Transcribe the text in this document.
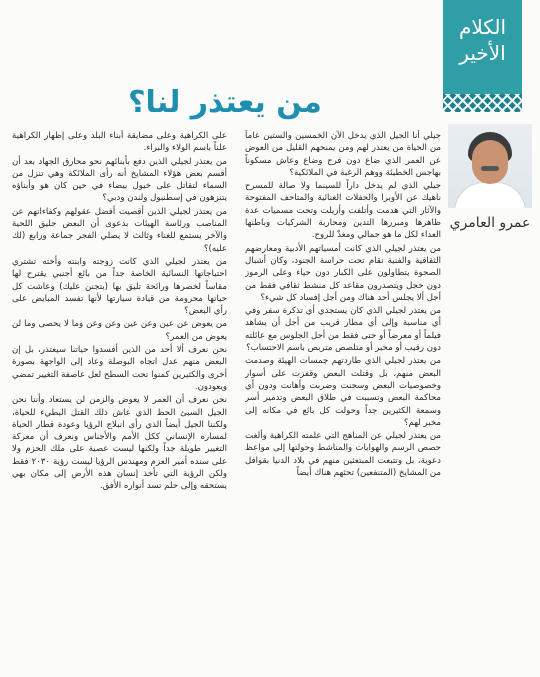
الكلام
الأخير
من يعتذر لنا؟
عمرو العامري

جيلي أنا الجيل الذي يدخل الآن الخمسين والستين عاماً من الحياة من يعتذر لهم ومن يمنحهم القليل من العوض عن العمر الذي ضاع دون فرح وضاع وعاش مسكوناً بهاجس الخطيئة ووهم الرغبة في الملائكية؟

جيلي الذي لم يدخل داراً للسينما ولا صالة للمسرح ناهيك عن الأوبرا والحفلات الغنائية والمتاحف المفتوحة والآثار التي هدمت وأتلفت وأزيلت وتحت مسميات عدة ظاهرها ومبررها التدين ومحاربة الشركيات وباطنها العداء لكل ما هو جمالي ومغذّ للروح.

من يعتذر لجيلي الذي كانت أمسياتهم الأدبية ومعارضهم الثقافية والفنية تقام تحت حراسة الجنود، وكان أشبال الصحوة يتطاولون على الكبار دون حياء وعلى الرموز دون خجل ويتصدرون مقاعد كل منشط ثقافي فقط من أجل ألا يجلس أحد هناك ومن أجل إفساد كل شيء؟

من يعتذر لجيلي الذي كان يستجدي أي تذكرة سفر وفي أي مناسبة وإلى أي مطار قريب من أجل أن يشاهد فيلماً أو معرضاً أو حتى فقط من أجل الجلوس مع عائلته دون رقيب أو مخبر أو متلصص متربص باسم الاحتساب؟

من يعتذر لجيلي الذي طاردتهم جمسات الهيئة وصدمت البعض منهم، بل وقتلت البعض وقفزت على أسوار وخصوصيات البعض وسجنت وضربت وأهانت ودون أي محاكمة البعض وتسببت في طلاق البعض وتدمير أسر وسمعة الكثيرين جداً وحولت كل بائع في مكانه إلى مخبر لهم؟

من يعتذر لجيلي عن المناهج التي علمته الكراهية وألغت حصص الرسم والهوايات والمناشط وحولتها إلى مواعظ دعوية، بل وتتبعت المبتعثين منهم في بلاد الدنيا بقوافل من المشايخ (المتنفعين) تحثهم هناك أيضاً

على الكراهية وعلى مضايقة أبناء البلد وعلى إظهار الكراهية علناً باسم الولاء والبراء.

من يعتذر لجيلي الذين دفع بأبنائهم نحو محارق الجهاد بعد أن أقسم بعض هؤلاء المشايخ أنه رأى الملائكة وهي تنزل من السماء لتقاتل على خيول بيضاء في حين كان هو وأبناؤه يتنزهون في إسطنبول ولندن ودبي؟

من يعتذر لجيلي الذين أقصيت أفضل عقولهم وكفاءاتهم عن المناصب ورئاسة الهيئات بدعوى أن البعض حليق اللحية والآخر يستمع للغناء وثالث لا يصلي الفجر جماعة ورابع (لك عليه)؟

من يعتذر لجيلي الذي كانت زوجته وابنته وأخته تشتري احتياجاتها النسائية الخاصة جداً من بائع أجنبي يقترح لها مقاساً لخصرها ورائحة تليق بها (بتجنن عليك) وعاشت كل حياتها محرومة من قيادة سيارتها لأنها تفسد المبايض على رأي البعض؟

من يعوض عن عين وعن عين وعن وعن وما لا يحصى وما لن يعوض من العمر؟

نحن نعرف ألا أحد من الذين أفسدوا حياتنا سيعتذر، بل إن البعض منهم عدل اتجاه البوصلة وعاد إلى الواجهة بصورة أخرى والكثيرين كمنوا تحت السطح لعل عاصفة التغيير تمضي ويعودون.

نحن نعرف أن العمر لا يعوض والزمن لن يستعاد وأننا نحن الجيل السيئ الحظ الذي عاش ذلك القتل البطيء للحياة، ولكننا الجيل أيضاً الذي رأى انبلاج الرؤيا وعودة قطار الحياة لمساره الإنساني ككل الأمم والأجناس ونعرف أن معركة التغيير طويلة جداً ولكنها ليست عصية على ملك الحزم ولا على سنده أمير العزم ومهندس الرؤيا ليست رؤية ٢٠٣٠ فقط ولكن الرؤية التي تأخذ إنسان هذه الأرض إلى مكان بهي يستحقه وإلى حلم تسد أنواره الأفق.
